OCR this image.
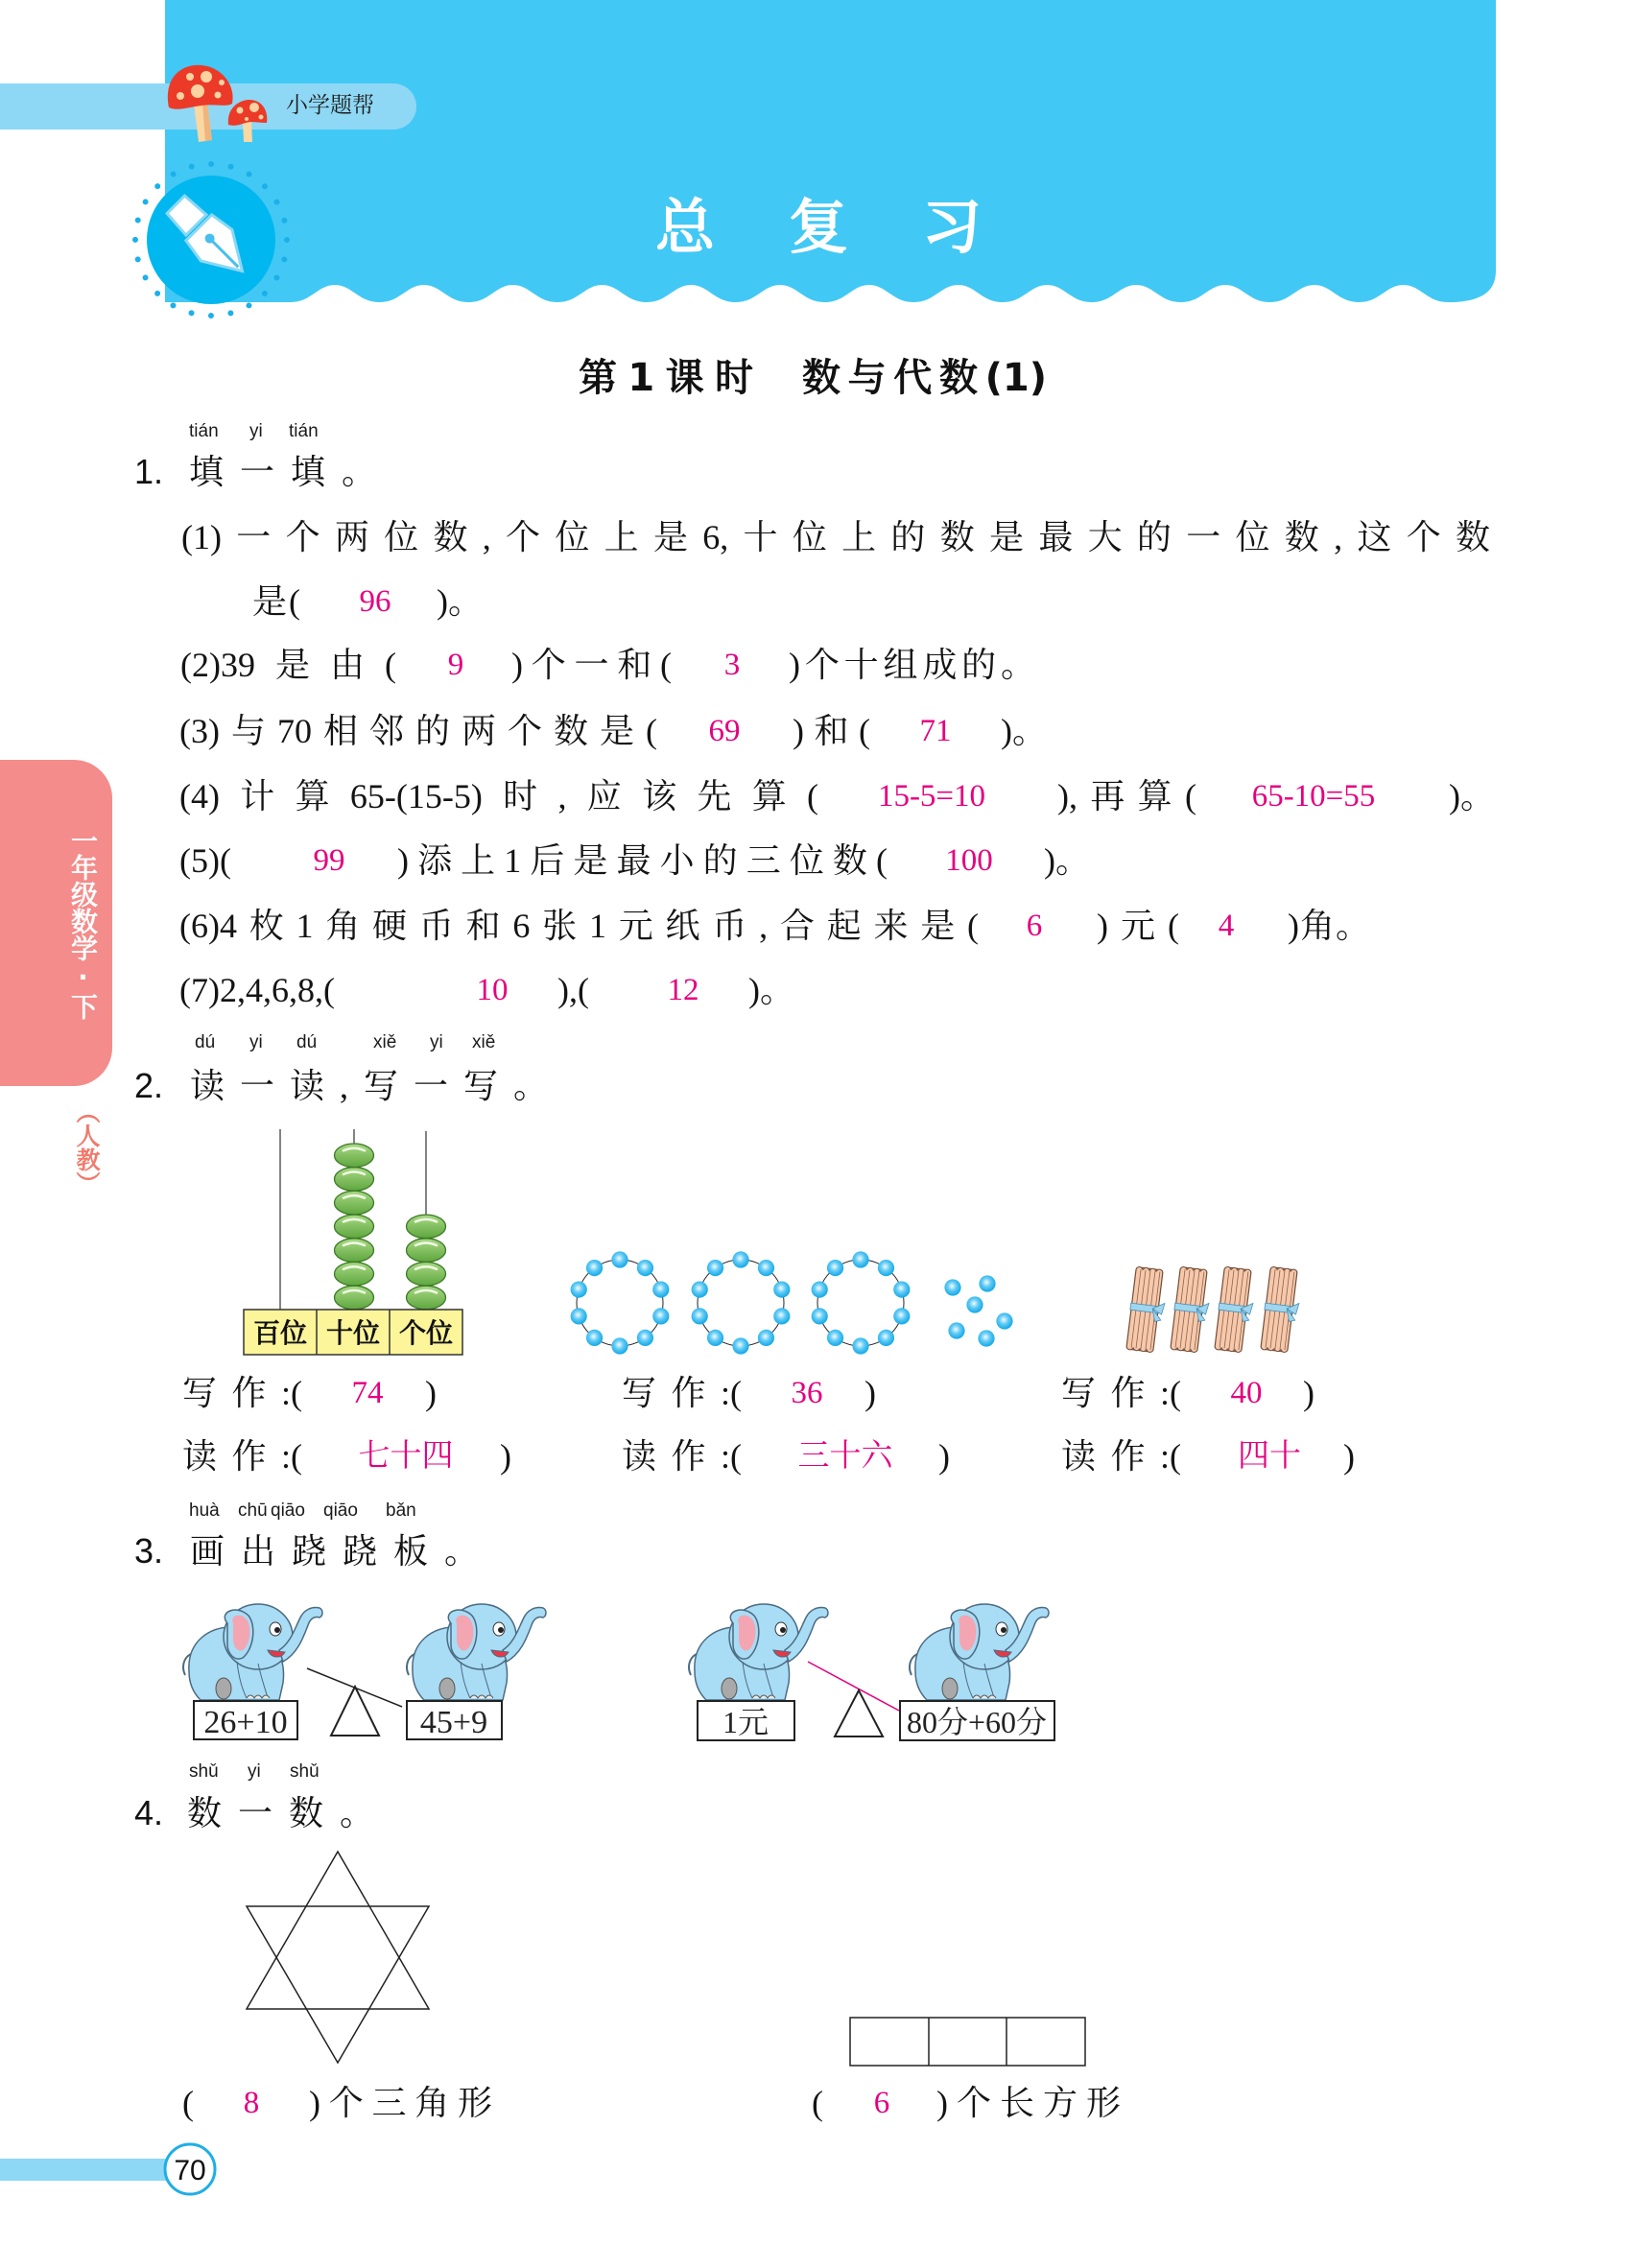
百位 十位 个位
26+10	45+9	1元	80分+60分
70
小学题帮
总复习
第1课时 数与代数(1)
一年级数学·下
（人教）
tián yi tián
1. 填一填。
(1)一个两位数,个位上是6,十位上的数是最大的一位数,这个数
是(	96	)。
(2)39是由(	9	)个一和(	3	)个十组成的。
(3)与70相邻的两个数是(	69	)和(	71	)。
(4)计算65-(15-5)时,应该先算(	15-5=10	),再算(	65-10=55	)。
(5)(	99	)添上1后是最小的三位数(	100	)。
(6)4枚1角硬币和6张1元纸币,合起来是(	6	)元(	4	)角。
(7)2,4,6,8,(	10	),(	12	)。
dú yi dú	xiě yi xiě
2. 读一读,写一写。
写作:(	74	)	写作:(	36	)	写作:(	40	)
读作:(	七十四	)	读作:(	三十六	)	读作:(	四十	)
huà chū qiāo qiāo bǎn
3. 画出跷跷板。
shǔ yi shǔ
4. 数一数。
(	8	)个三角形	(	6	)个长方形
